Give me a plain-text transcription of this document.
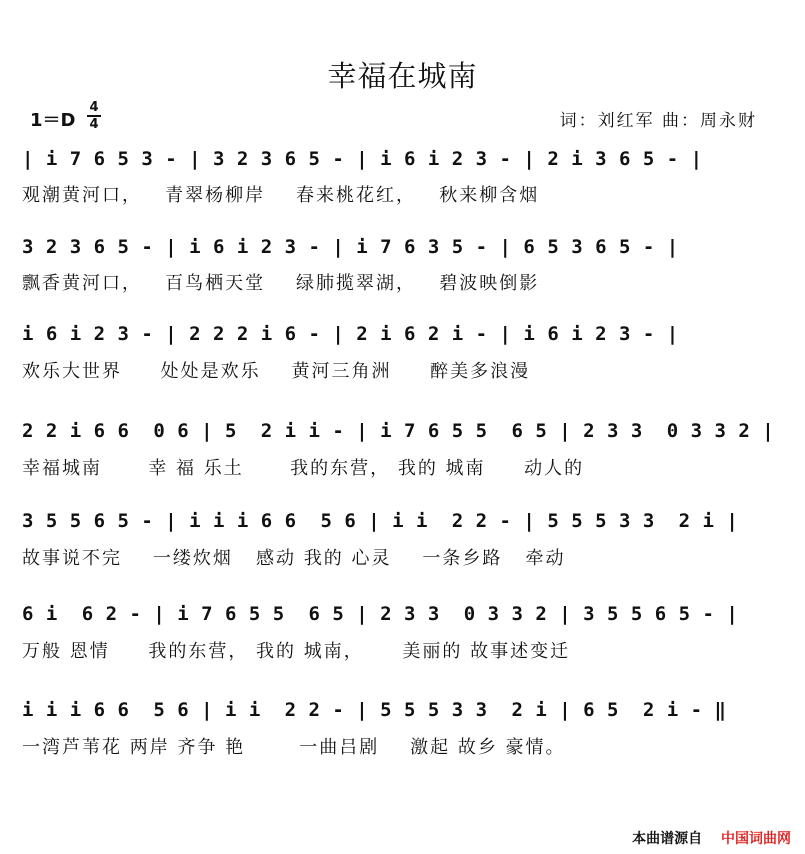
幸福在城南
1＝D
4
4	词：刘红军 曲：周永财
| i 7 6 5 3 - | 3 2 3 6 5 - | i 6 i 2 3 - | 2 i 3 6 5 - |
观潮黄河口，   青翠杨柳岸    春来桃花红，   秋来柳含烟
3 2 3 6 5 - | i 6 i 2 3 - | i 7 6 3 5 - | 6 5 3 6 5 - |
飘香黄河口，   百鸟栖天堂    绿肺揽翠湖，   碧波映倒影
i 6 i 2 3 - | 2 2 2 i 6 - | 2 i 6 2 i - | i 6 i 2 3 - |
欢乐大世界     处处是欢乐    黄河三角洲     醉美多浪漫
2 2 i 6 6  0 6 | 5  2 i i - | i 7 6 5 5  6 5 | 2 3 3  0 3 3 2 |
幸福城南      幸 福 乐土      我的东营， 我的 城南     动人的
3 5 5 6 5 - | i i i 6 6  5 6 | i i  2 2 - | 5 5 5 3 3  2 i |
故事说不完    一缕炊烟   感动 我的 心灵    一条乡路   牵动
6 i  6 2 - | i 7 6 5 5  6 5 | 2 3 3  0 3 3 2 | 3 5 5 6 5 - |
万般 恩情     我的东营， 我的 城南，     美丽的 故事述变迁
i i i 6 6  5 6 | i i  2 2 - | 5 5 5 3 3  2 i | 6 5  2 i - ‖
一湾芦苇花 两岸 齐争 艳       一曲吕剧    激起 故乡 豪情。
本曲谱源自 中国词曲网
